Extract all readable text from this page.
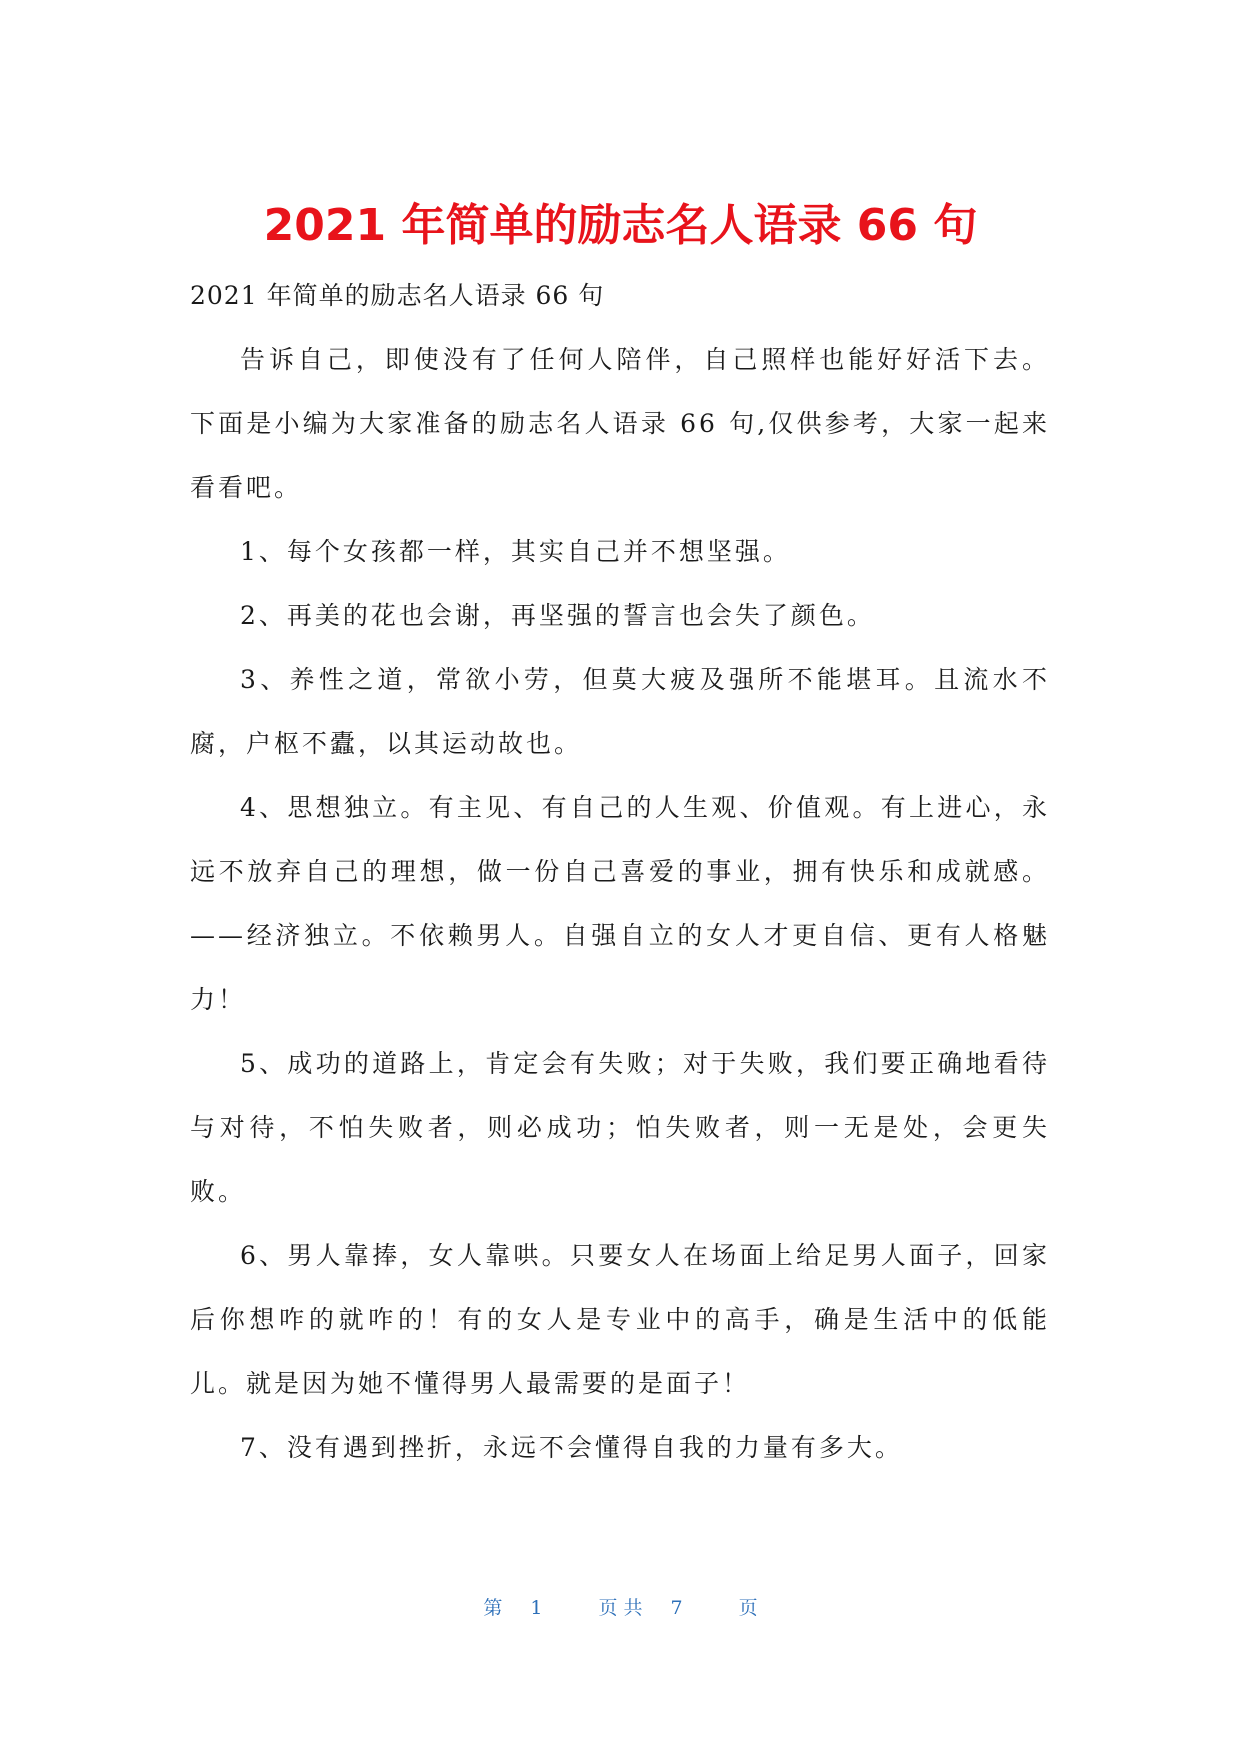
2021 年简单的励志名人语录 66 句

2021 年简单的励志名人语录 66 句

告诉自己，即使没有了任何人陪伴，自己照样也能好好活下去。下面是小编为大家准备的励志名人语录 66 句,仅供参考，大家一起来看看吧。

1、每个女孩都一样，其实自己并不想坚强。

2、再美的花也会谢，再坚强的誓言也会失了颜色。

3、养性之道，常欲小劳，但莫大疲及强所不能堪耳。且流水不腐，户枢不蠹，以其运动故也。

4、思想独立。有主见、有自己的人生观、价值观。有上进心，永远不放弃自己的理想，做一份自己喜爱的事业，拥有快乐和成就感。——经济独立。不依赖男人。自强自立的女人才更自信、更有人格魅力！

5、成功的道路上，肯定会有失败；对于失败，我们要正确地看待与对待，不怕失败者，则必成功；怕失败者，则一无是处，会更失败。

6、男人靠捧，女人靠哄。只要女人在场面上给足男人面子，回家后你想咋的就咋的！有的女人是专业中的高手，确是生活中的低能儿。就是因为她不懂得男人最需要的是面子！

7、没有遇到挫折，永远不会懂得自我的力量有多大。

第 1	页 共 7	页
